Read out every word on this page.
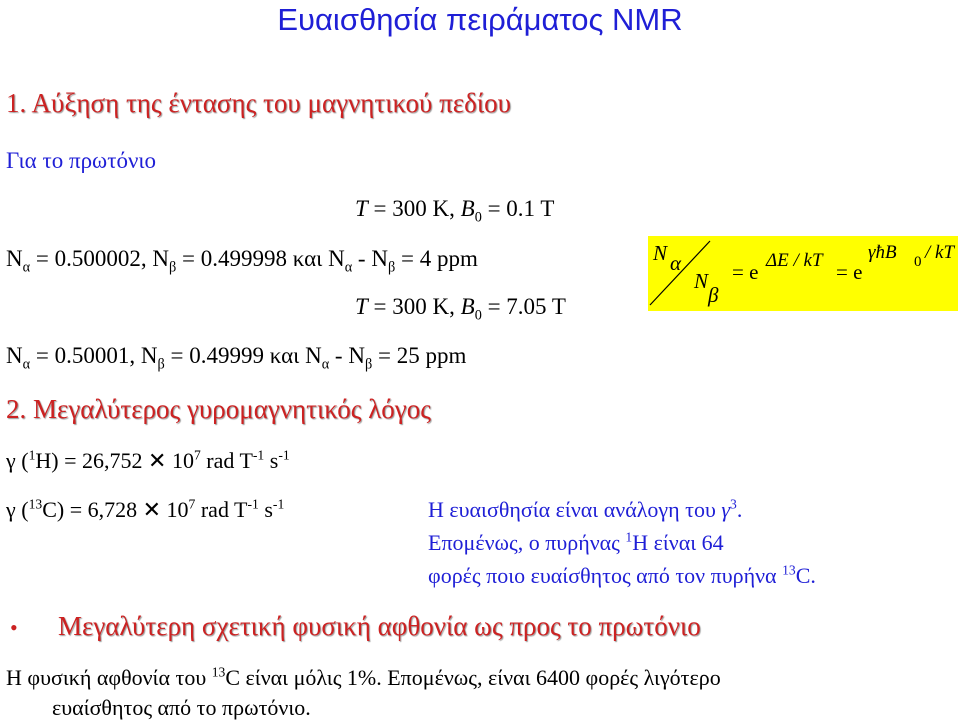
Ευαισθησία πειράματος NMR
1. Αύξηση της έντασης του μαγνητικού πεδίου
Για το πρωτόνιο
T = 300 K, $B_0 = 0.1$ T
$N_\alpha = 0.500002$, $N_\beta = 0.499998$ και $N_\alpha - N_\beta = 4$ ppm
T = 300 K, $B_0 = 7.05$ T
$N_\alpha = 0.50001$, $N_\beta = 0.49999$ και $N_\alpha - N_\beta = 25$ ppm
N α
N
β
= e ΔE / kT = e
γħB 0 / kT
2. Μεγαλύτερος γυρομαγνητικός λόγος
γ ($^1$H) = 26,752 ✕ $10^7$ rad $T^{-1}$ $s^{-1}$
γ ($^{13}$C) = 6,728 ✕ $10^7$ rad $T^{-1}$ $s^{-1}$	Η ευαισθησία είναι ανάλογη του $\gamma^3$.
Επομένως, ο πυρήνας $^1$H είναι 64
φορές ποιο ευαίσθητος από τον πυρήνα $^{13}$C.
• Μεγαλύτερη σχετική φυσική αφθονία ως προς το πρωτόνιο
Η φυσική αφθονία του $^{13}$C είναι μόλις 1%. Επομένως, είναι 6400 φορές λιγότερο
ευαίσθητος από το πρωτόνιο.
